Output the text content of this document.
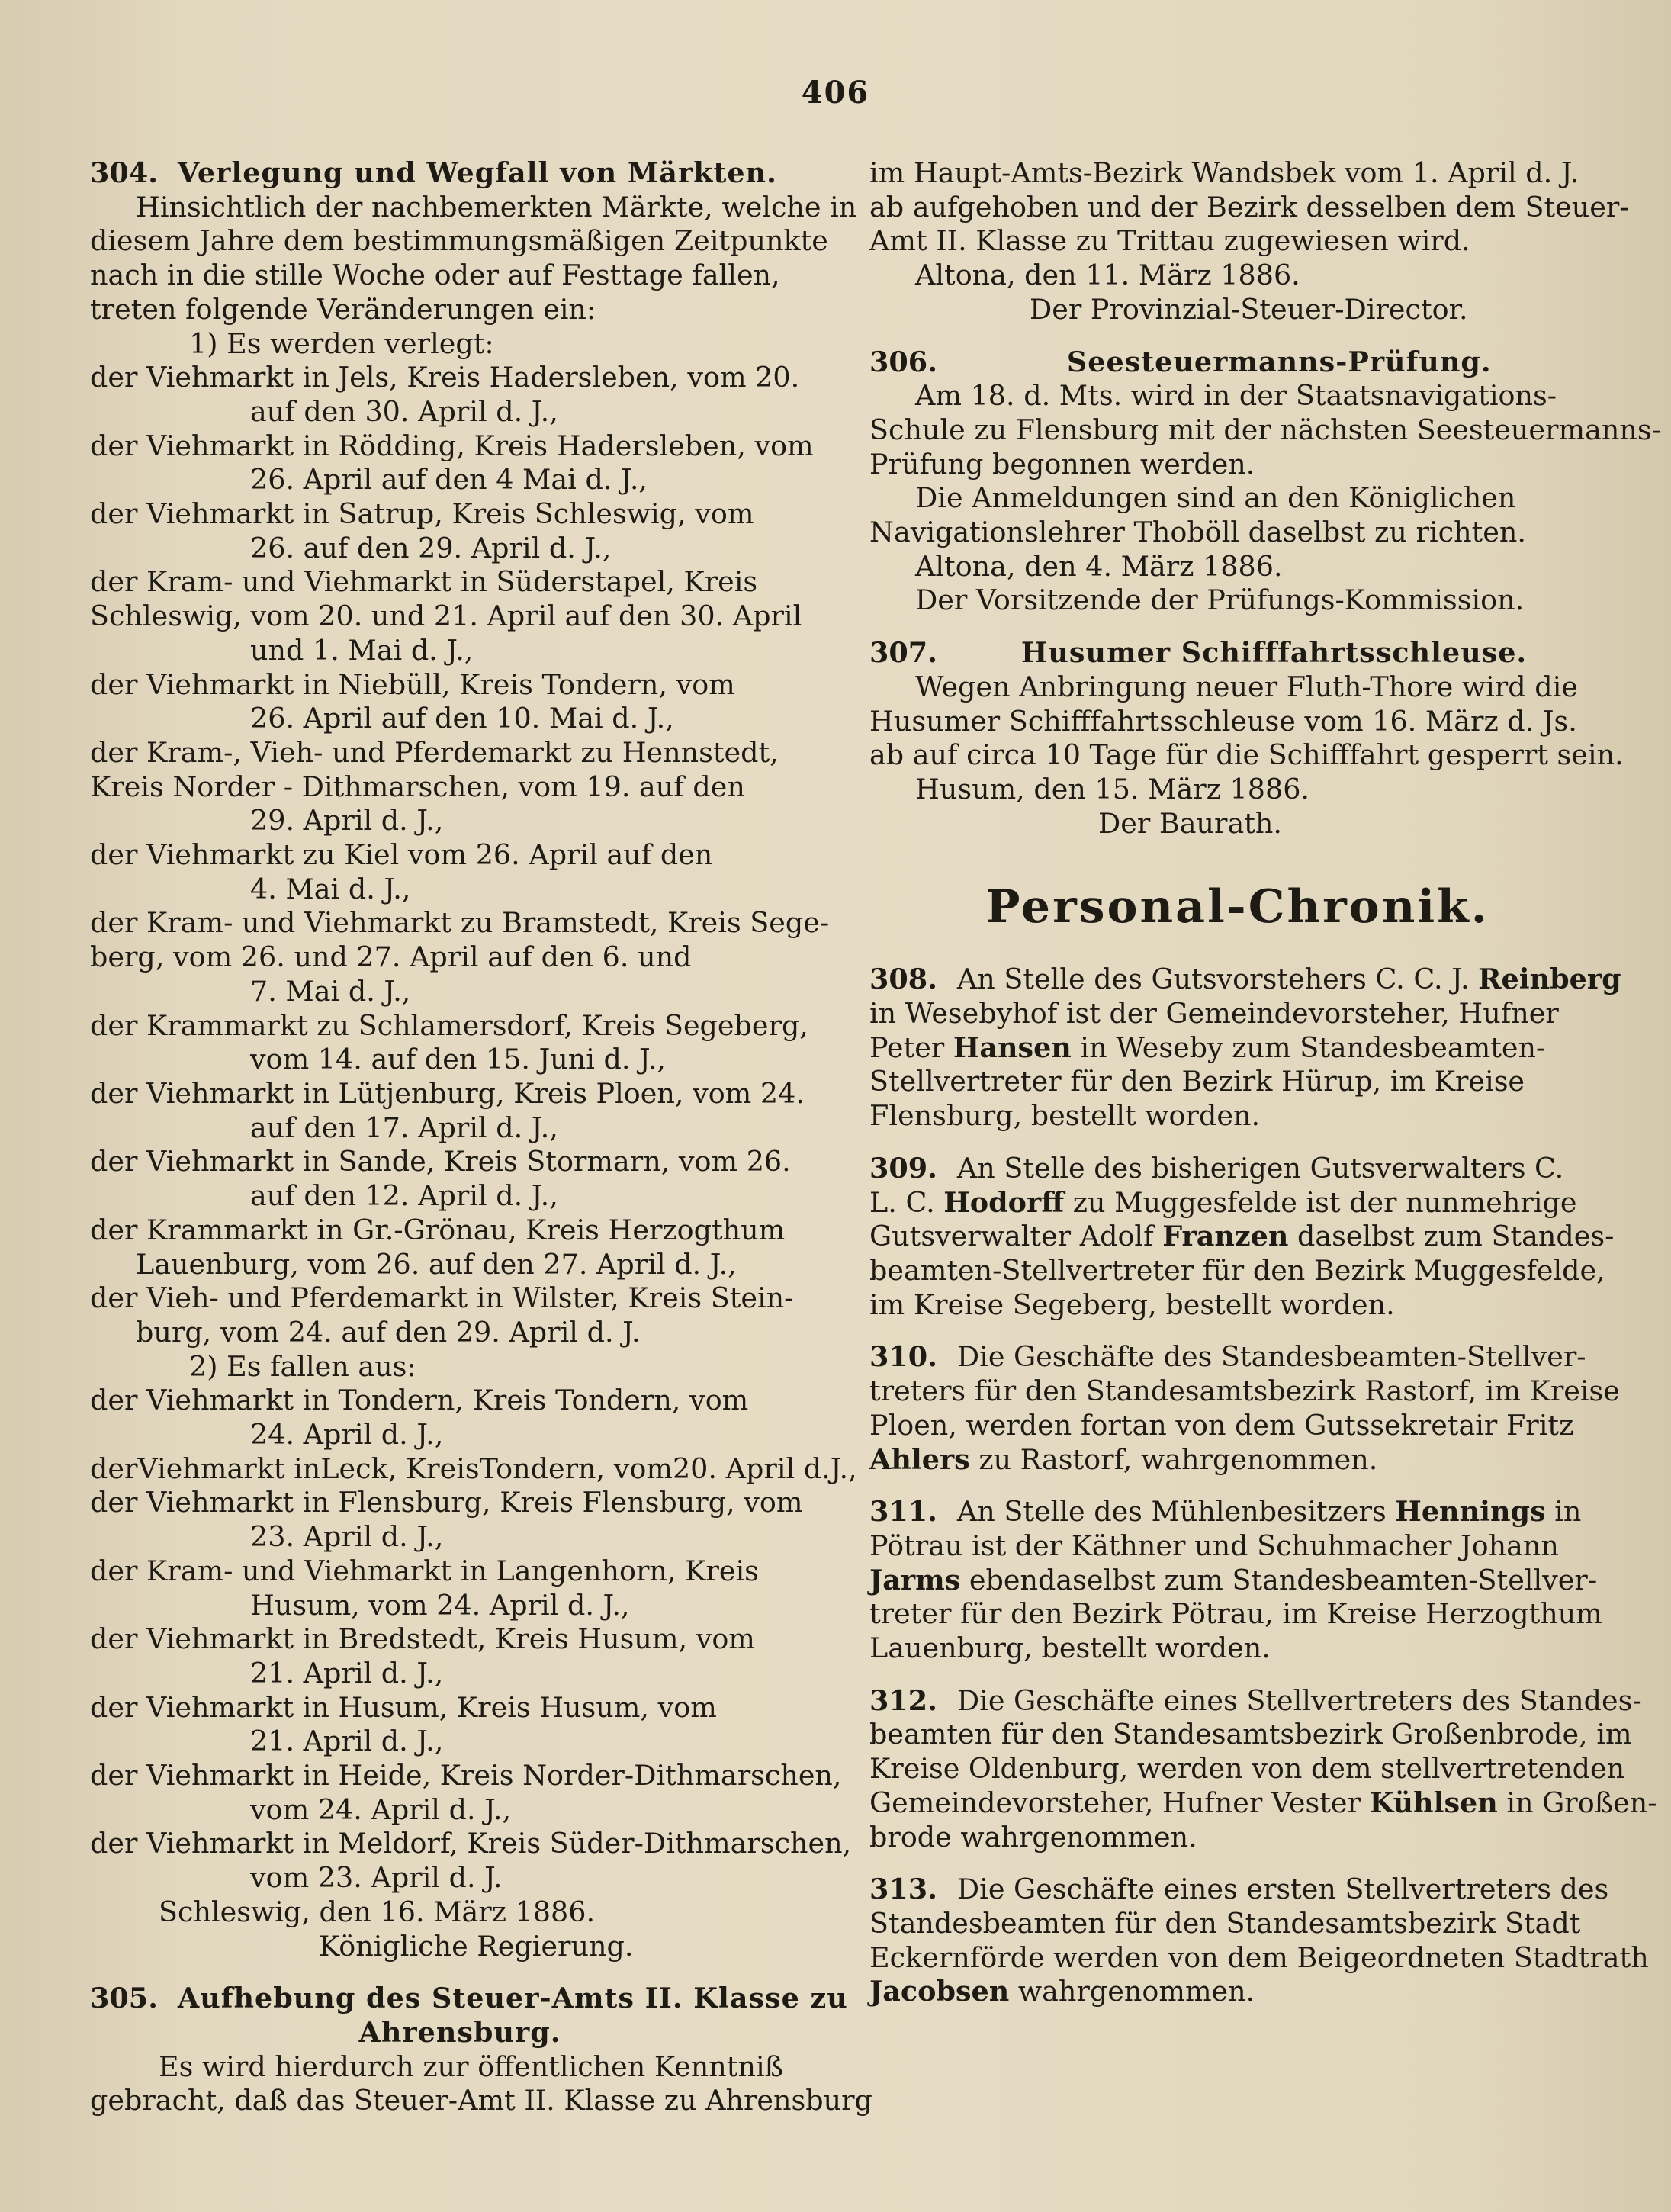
406
304. Verlegung und Wegfall von Märkten.
Hinsichtlich der nachbemerkten Märkte, welche in
diesem Jahre dem bestimmungsmäßigen Zeitpunkte
nach in die stille Woche oder auf Festtage fallen,
treten folgende Veränderungen ein:
1) Es werden verlegt:
der Viehmarkt in Jels, Kreis Hadersleben, vom 20.
auf den 30. April d. J.,
der Viehmarkt in Rödding, Kreis Hadersleben, vom
26. April auf den 4 Mai d. J.,
der Viehmarkt in Satrup, Kreis Schleswig, vom
26. auf den 29. April d. J.,
der Kram- und Viehmarkt in Süderstapel, Kreis
Schleswig, vom 20. und 21. April auf den 30. April
und 1. Mai d. J.,
der Viehmarkt in Niebüll, Kreis Tondern, vom
26. April auf den 10. Mai d. J.,
der Kram-, Vieh- und Pferdemarkt zu Hennstedt,
Kreis Norder - Dithmarschen, vom 19. auf den
29. April d. J.,
der Viehmarkt zu Kiel vom 26. April auf den
4. Mai d. J.,
der Kram- und Viehmarkt zu Bramstedt, Kreis Sege-
berg, vom 26. und 27. April auf den 6. und
7. Mai d. J.,
der Krammarkt zu Schlamersdorf, Kreis Segeberg,
vom 14. auf den 15. Juni d. J.,
der Viehmarkt in Lütjenburg, Kreis Ploen, vom 24.
auf den 17. April d. J.,
der Viehmarkt in Sande, Kreis Stormarn, vom 26.
auf den 12. April d. J.,
der Krammarkt in Gr.-Grönau, Kreis Herzogthum
Lauenburg, vom 26. auf den 27. April d. J.,
der Vieh- und Pferdemarkt in Wilster, Kreis Stein-
burg, vom 24. auf den 29. April d. J.
2) Es fallen aus:
der Viehmarkt in Tondern, Kreis Tondern, vom
24. April d. J.,
derViehmarkt inLeck, KreisTondern, vom20. April d.J.,
der Viehmarkt in Flensburg, Kreis Flensburg, vom
23. April d. J.,
der Kram- und Viehmarkt in Langenhorn, Kreis
Husum, vom 24. April d. J.,
der Viehmarkt in Bredstedt, Kreis Husum, vom
21. April d. J.,
der Viehmarkt in Husum, Kreis Husum, vom
21. April d. J.,
der Viehmarkt in Heide, Kreis Norder-Dithmarschen,
vom 24. April d. J.,
der Viehmarkt in Meldorf, Kreis Süder-Dithmarschen,
vom 23. April d. J.
Schleswig, den 16. März 1886.
Königliche Regierung.
305. Aufhebung des Steuer-Amts II. Klasse zu
Ahrensburg.
Es wird hierdurch zur öffentlichen Kenntniß
gebracht, daß das Steuer-Amt II. Klasse zu Ahrensburg
im Haupt-Amts-Bezirk Wandsbek vom 1. April d. J.
ab aufgehoben und der Bezirk desselben dem Steuer-
Amt II. Klasse zu Trittau zugewiesen wird.
Altona, den 11. März 1886.
Der Provinzial-Steuer-Director.
306.	Seesteuermanns-Prüfung.
Am 18. d. Mts. wird in der Staatsnavigations-
Schule zu Flensburg mit der nächsten Seesteuermanns-
Prüfung begonnen werden.
Die Anmeldungen sind an den Königlichen
Navigationslehrer Thoböll daselbst zu richten.
Altona, den 4. März 1886.
Der Vorsitzende der Prüfungs-Kommission.
307.	Husumer Schifffahrtsschleuse.
Wegen Anbringung neuer Fluth-Thore wird die
Husumer Schifffahrtsschleuse vom 16. März d. Js.
ab auf circa 10 Tage für die Schifffahrt gesperrt sein.
Husum, den 15. März 1886.
Der Baurath.
Personal-Chronik.
308. An Stelle des Gutsvorstehers C. C. J. Reinberg
in Wesebyhof ist der Gemeindevorsteher, Hufner
Peter Hansen in Weseby zum Standesbeamten-
Stellvertreter für den Bezirk Hürup, im Kreise
Flensburg, bestellt worden.
309. An Stelle des bisherigen Gutsverwalters C.
L. C. Hodorff zu Muggesfelde ist der nunmehrige
Gutsverwalter Adolf Franzen daselbst zum Standes-
beamten-Stellvertreter für den Bezirk Muggesfelde,
im Kreise Segeberg, bestellt worden.
310. Die Geschäfte des Standesbeamten-Stellver-
treters für den Standesamtsbezirk Rastorf, im Kreise
Ploen, werden fortan von dem Gutssekretair Fritz
Ahlers zu Rastorf, wahrgenommen.
311. An Stelle des Mühlenbesitzers Hennings in
Pötrau ist der Käthner und Schuhmacher Johann
Jarms ebendaselbst zum Standesbeamten-Stellver-
treter für den Bezirk Pötrau, im Kreise Herzogthum
Lauenburg, bestellt worden.
312. Die Geschäfte eines Stellvertreters des Standes-
beamten für den Standesamtsbezirk Großenbrode, im
Kreise Oldenburg, werden von dem stellvertretenden
Gemeindevorsteher, Hufner Vester Kühlsen in Großen-
brode wahrgenommen.
313. Die Geschäfte eines ersten Stellvertreters des
Standesbeamten für den Standesamtsbezirk Stadt
Eckernförde werden von dem Beigeordneten Stadtrath
Jacobsen wahrgenommen.
